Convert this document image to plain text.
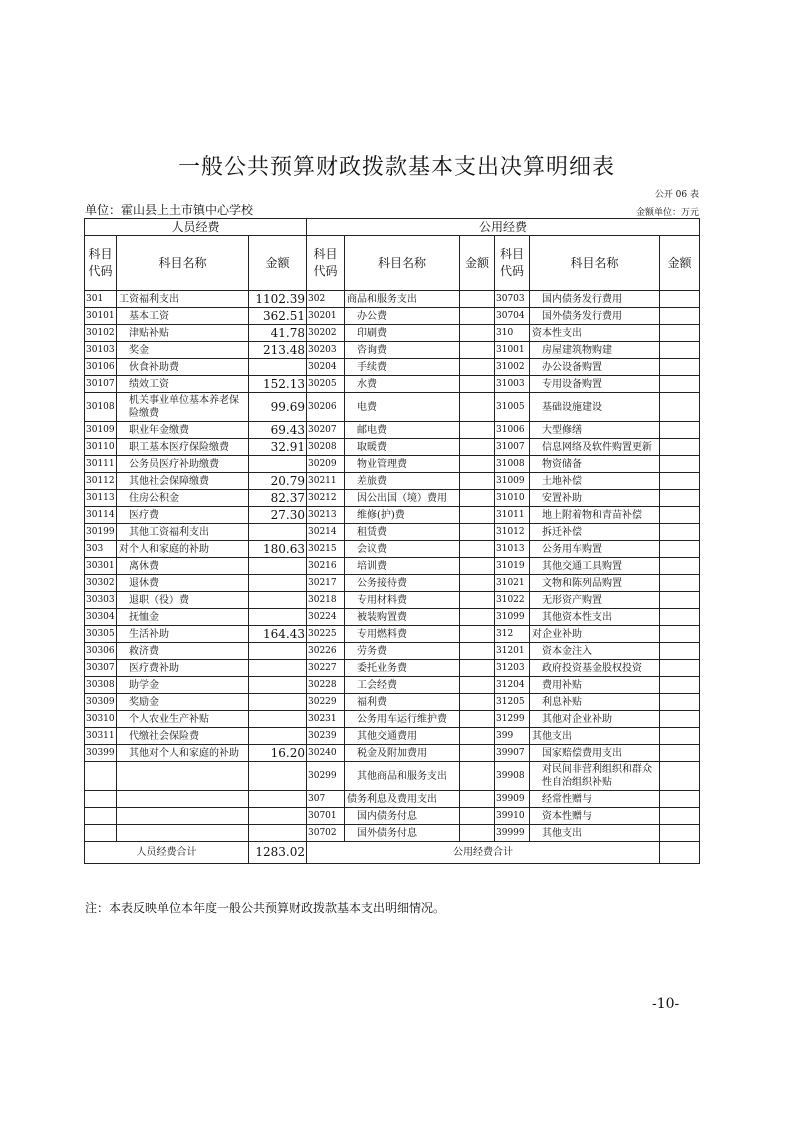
一般公共预算财政拨款基本支出决算明细表
公开 06 表
单位：霍山县上土市镇中心学校	金额单位：万元
人员经费			公用经费					
科目代码	科目名称	金额	科目代码	科目名称	金额	科目代码	科目名称	金额
301	工资福利支出	1102.39	302	商品和服务支出		30703	国内债务发行费用	
30101	基本工资	362.51	30201	办公费		30704	国外债务发行费用	
30102	津贴补贴	41.78	30202	印刷费		310	资本性支出	
30103	奖金	213.48	30203	咨询费		31001	房屋建筑物购建	
30106	伙食补助费		30204	手续费		31002	办公设备购置	
30107	绩效工资	152.13	30205	水费		31003	专用设备购置	
30108	机关事业单位基本养老保险缴费	99.69	30206	电费		31005	基础设施建设	
30109	职业年金缴费	69.43	30207	邮电费		31006	大型修缮	
30110	职工基本医疗保险缴费	32.91	30208	取暖费		31007	信息网络及软件购置更新	
30111	公务员医疗补助缴费		30209	物业管理费		31008	物资储备	
30112	其他社会保障缴费	20.79	30211	差旅费		31009	土地补偿	
30113	住房公积金	82.37	30212	因公出国（境）费用		31010	安置补助	
30114	医疗费	27.30	30213	维修(护)费		31011	地上附着物和青苗补偿	
30199	其他工资福利支出		30214	租赁费		31012	拆迁补偿	
303	对个人和家庭的补助	180.63	30215	会议费		31013	公务用车购置	
30301	离休费		30216	培训费		31019	其他交通工具购置	
30302	退休费		30217	公务接待费		31021	文物和陈列品购置	
30303	退职（役）费		30218	专用材料费		31022	无形资产购置	
30304	抚恤金		30224	被装购置费		31099	其他资本性支出	
30305	生活补助	164.43	30225	专用燃料费		312	对企业补助	
30306	救济费		30226	劳务费		31201	资本金注入	
30307	医疗费补助		30227	委托业务费		31203	政府投资基金股权投资	
30308	助学金		30228	工会经费		31204	费用补贴	
30309	奖励金		30229	福利费		31205	利息补贴	
30310	个人农业生产补贴		30231	公务用车运行维护费		31299	其他对企业补助	
30311	代缴社会保险费		30239	其他交通费用		399	其他支出	
30399	其他对个人和家庭的补助	16.20	30240	税金及附加费用		39907	国家赔偿费用支出	
			30299	其他商品和服务支出		39908	对民间非营利组织和群众性自治组织补贴	
			307	债务利息及费用支出		39909	经常性赠与	
			30701	国内债务付息		39910	资本性赠与	
			30702	国外债务付息		39999	其他支出	
人员经费合计		1283.02	公用经费合计					
注：本表反映单位本年度一般公共预算财政拨款基本支出明细情况。
-10-
